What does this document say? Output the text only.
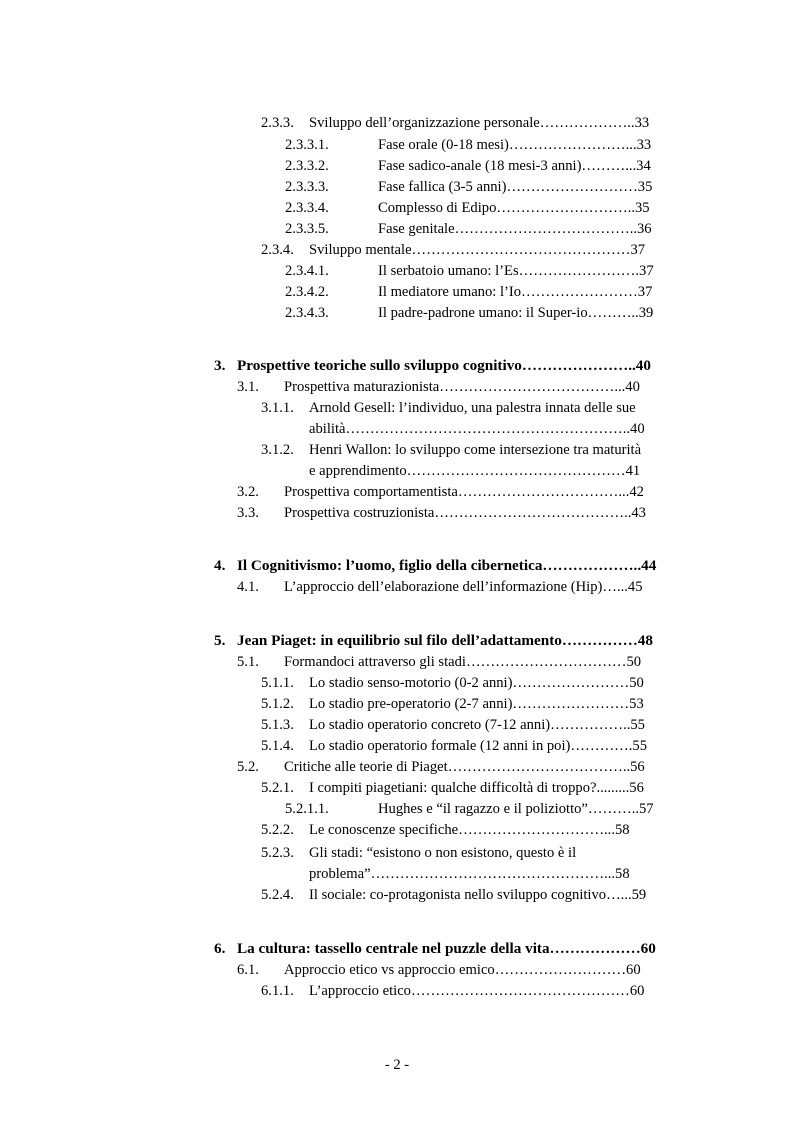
2.3.3. Sviluppo dell’organizzazione personale………………..33
2.3.3.1.	Fase orale (0-18 mesi)……………………...33
2.3.3.2.	Fase sadico-anale (18 mesi-3 anni)………...34
2.3.3.3.	Fase fallica (3-5 anni)………………………35
2.3.3.4.	Complesso di Edipo………………………..35
2.3.3.5.	Fase genitale………………………………..36
2.3.4. Sviluppo mentale………………………………………37
2.3.4.1.	Il serbatoio umano: l’Es…………………….37
2.3.4.2.	Il mediatore umano: l’Io……………………37
2.3.4.3.	Il padre-padrone umano: il Super-io………..39
3. Prospettive teoriche sullo sviluppo cognitivo…………………..40
3.1. Prospettiva maturazionista………………………………...40
3.1.1. Arnold Gesell: l’individuo, una palestra innata delle sue
abilità…………………………………………………..40
3.1.2. Henri Wallon: lo sviluppo come intersezione tra maturità
e apprendimento………………………………………41
3.2. Prospettiva comportamentista……………………………...42
3.3. Prospettiva costruzionista…………………………………..43
4. Il Cognitivismo: l’uomo, figlio della cibernetica………………..44
4.1. L’approccio dell’elaborazione dell’informazione (Hip)…...45
5. Jean Piaget: in equilibrio sul filo dell’adattamento……………48
5.1. Formandoci attraverso gli stadi……………………………50
5.1.1. Lo stadio senso-motorio (0-2 anni)……………………50
5.1.2. Lo stadio pre-operatorio (2-7 anni)……………………53
5.1.3. Lo stadio operatorio concreto (7-12 anni)……………..55
5.1.4. Lo stadio operatorio formale (12 anni in poi)………….55
5.2. Critiche alle teorie di Piaget………………………………..56
5.2.1. I compiti piagetiani: qualche difficoltà di troppo?.........56
5.2.1.1.	Hughes e “il ragazzo e il poliziotto”………..57
5.2.2. Le conoscenze specifiche…………………………...58
5.2.3. Gli stadi: “esistono o non esistono, questo è il
problema”…………………………………………...58
5.2.4. Il sociale: co-protagonista nello sviluppo cognitivo…...59
6. La cultura: tassello centrale nel puzzle della vita………………60
6.1. Approccio etico vs approccio emico………………………60
6.1.1. L’approccio etico………………………………………60
- 2 -
